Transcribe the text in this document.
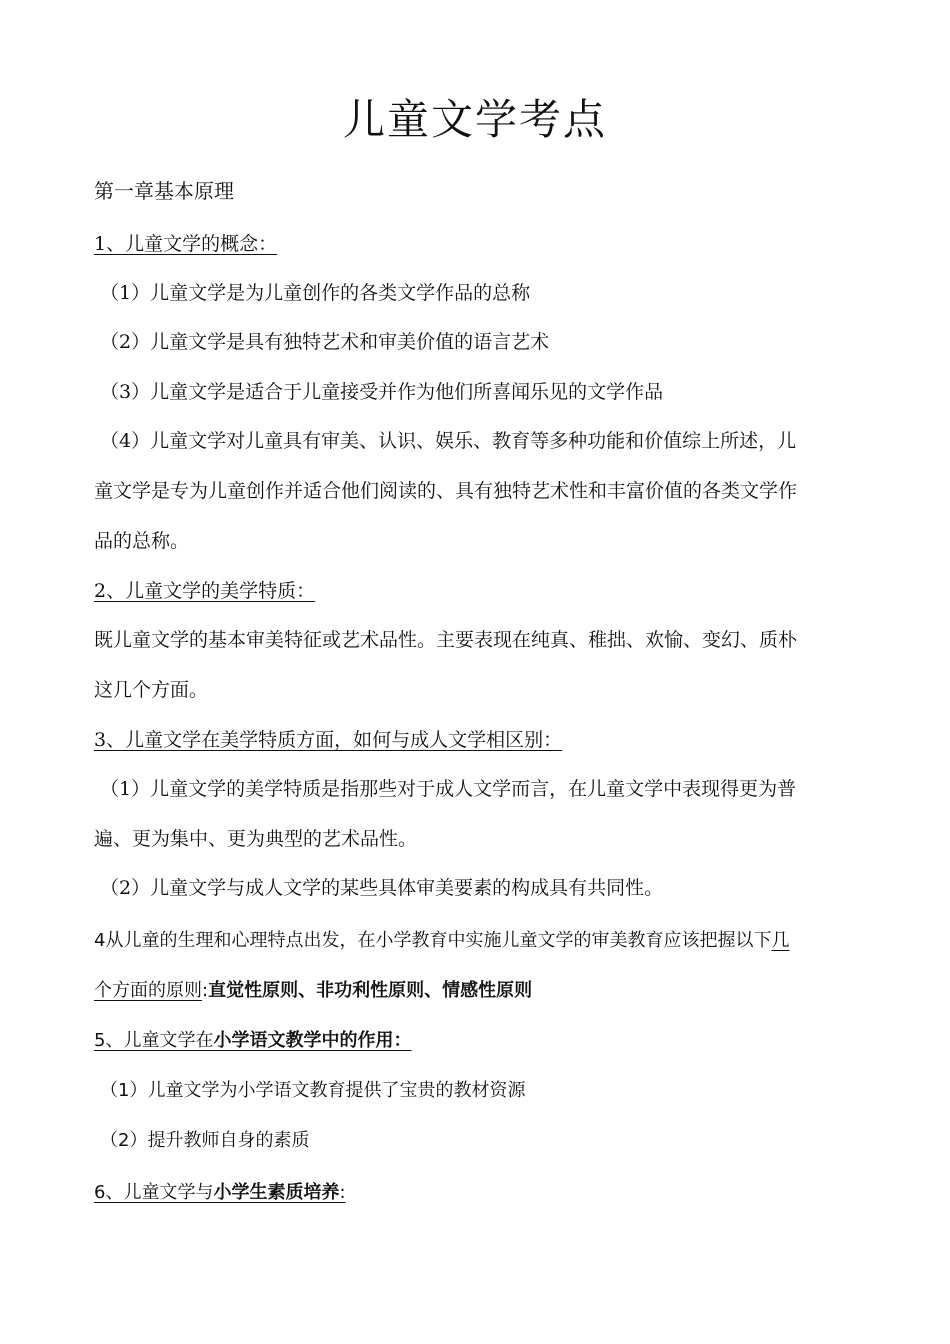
儿童文学考点
第一章基本原理
1、儿童文学的概念：
（1）儿童文学是为儿童创作的各类文学作品的总称
（2）儿童文学是具有独特艺术和审美价值的语言艺术
（3）儿童文学是适合于儿童接受并作为他们所喜闻乐见的文学作品
（4）儿童文学对儿童具有审美、认识、娱乐、教育等多种功能和价值综上所述，儿
童文学是专为儿童创作并适合他们阅读的、具有独特艺术性和丰富价值的各类文学作
品的总称。
2、儿童文学的美学特质：
既儿童文学的基本审美特征或艺术品性。主要表现在纯真、稚拙、欢愉、变幻、质朴
这几个方面。
3、儿童文学在美学特质方面，如何与成人文学相区别：
（1）儿童文学的美学特质是指那些对于成人文学而言，在儿童文学中表现得更为普
遍、更为集中、更为典型的艺术品性。
（2）儿童文学与成人文学的某些具体审美要素的构成具有共同性。
4从儿童的生理和心理特点出发，在小学教育中实施儿童文学的审美教育应该把握以下几
个方面的原则:直觉性原则、非功利性原则、情感性原则
5、儿童文学在小学语文教学中的作用：
（1）儿童文学为小学语文教育提供了宝贵的教材资源
（2）提升教师自身的素质
6、儿童文学与小学生素质培养:
